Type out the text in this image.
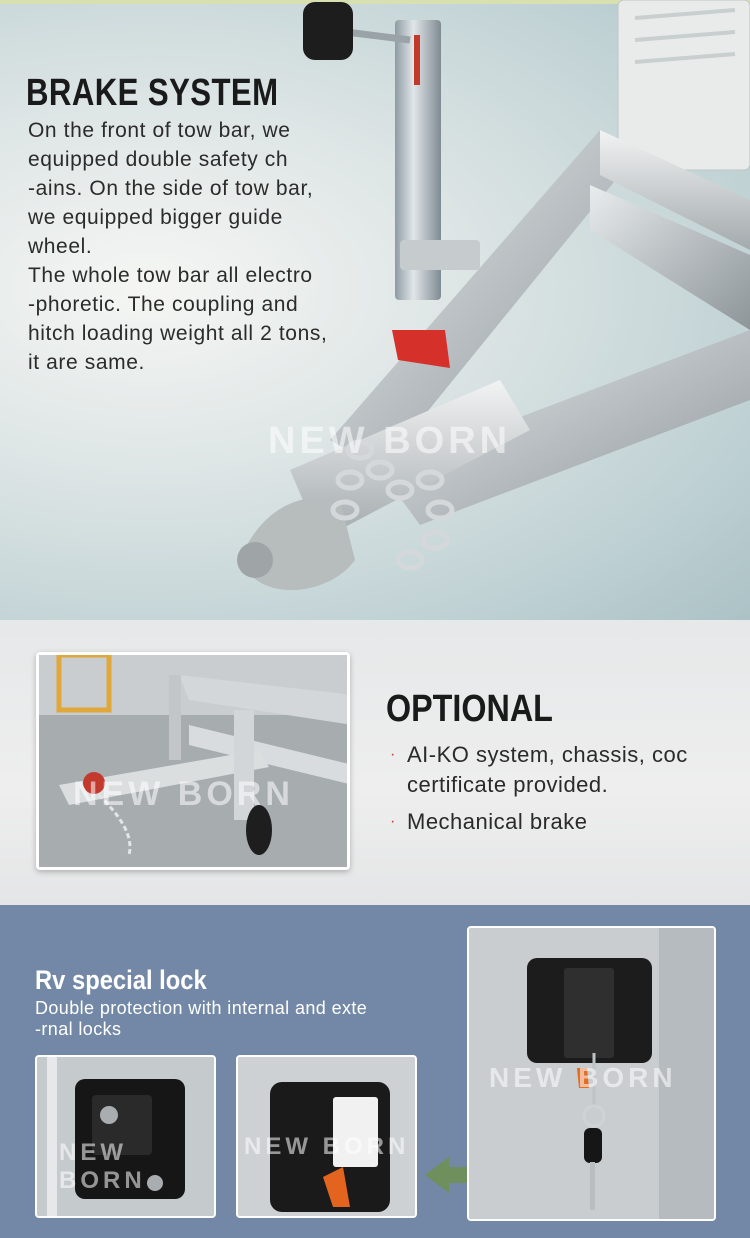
NEW BORN
BRAKE SYSTEM

On the front of tow bar, we

equipped double safety ch

-ains. On the side of tow bar,

we equipped bigger guide

wheel.

The whole tow bar all electro

-phoretic. The coupling and

hitch loading weight all 2 tons,

it are same.

NEW BORN
OPTIONAL
· AI-KO system, chassis, coc certificate provided.
· Mechanical brake
Rv special lock
Double protection with internal and exte
-rnal locks
NEW BORN
NEW BORN
NEW BORN
